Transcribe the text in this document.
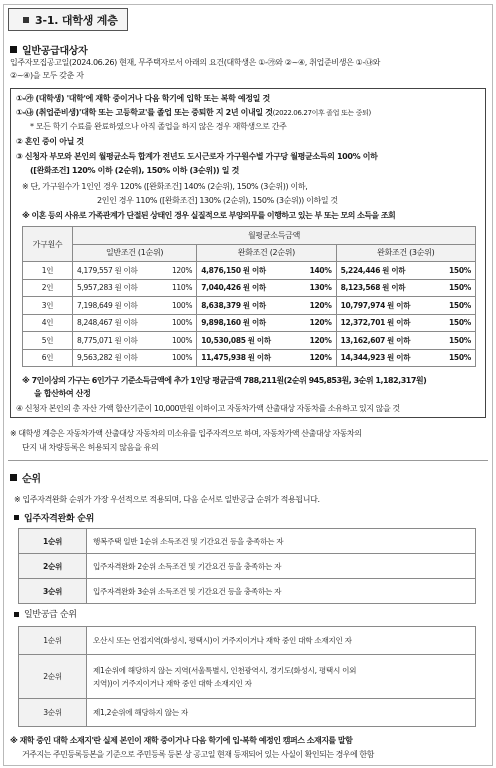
3-1. 대학생 계층
일반공급대상자
입주자모집공고일(2024.06.26) 현재, 무주택자로서 아래의 요건(대학생은 ①-㉮와 ②~④, 취업준비생은 ①-㉯와
②~④)을 모두 갖춘 자
①-㉮ (대학생) '대학'에 재학 중이거나 다음 학기에 입학 또는 복학 예정일 것
①-㉯ (취업준비생)'대학 또는 고등학교'를 졸업 또는 중퇴한 지 2년 이내일 것(2022.06.27이후 졸업 또는 중퇴)
* 모든 학기 수료를 완료하였으나 아직 졸업을 하지 않은 경우 재학생으로 간주
② 혼인 중이 아닐 것
③ 신청자 부모와 본인의 월평균소득 합계가 전년도 도시근로자 가구원수별 가구당 월평균소득의 100% 이하
([완화조건] 120% 이하 (2순위), 150% 이하 (3순위)) 일 것
※ 단, 가구원수가 1인인 경우 120% ([완화조건] 140% (2순위), 150% (3순위)) 이하,
2인인 경우 110% ([완화조건] 130% (2순위), 150% (3순위)) 이하일 것
※ 이혼 등의 사유로 가족관계가 단절된 상태인 경우 실질적으로 부양의무를 이행하고 있는 부 또는 모의 소득을 조회
가구원수	월평균소득금액					
	일반조건 (1순위)		완화조건 (2순위)		완화조건 (3순위)	
1인	4,179,557 원 이하	120%	4,876,150 원 이하	140%	5,224,446 원 이하	150%
2인	5,957,283 원 이하	110%	7,040,426 원 이하	130%	8,123,568 원 이하	150%
3인	7,198,649 원 이하	100%	8,638,379 원 이하	120%	10,797,974 원 이하	150%
4인	8,248,467 원 이하	100%	9,898,160 원 이하	120%	12,372,701 원 이하	150%
5인	8,775,071 원 이하	100%	10,530,085 원 이하	120%	13,162,607 원 이하	150%
6인	9,563,282 원 이하	100%	11,475,938 원 이하	120%	14,344,923 원 이하	150%
※ 7인이상의 가구는 6인가구 기준소득금액에 추가 1인당 평균금액 788,211원(2순위 945,853원, 3순위 1,182,317원)
을 합산하여 산정
④ 신청자 본인의 총 자산 가액 합산기준이 10,000만원 이하이고 자동차가액 산출대상 자동차를 소유하고 있지 않을 것
※ 대학생 계층은 자동차가액 산출대상 자동차의 미소유를 입주자격으로 하며, 자동차가액 산출대상 자동차의
단지 내 차량등록은 허용되지 않음을 유의
순위
※ 입주자격완화 순위가 가장 우선적으로 적용되며, 다음 순서로 일반공급 순위가 적용됩니다.
입주자격완화 순위
1순위	행복주택 일반 1순위 소득조건 및 기간요건 등을 충족하는 자
2순위	입주자격완화 2순위 소득조건 및 기간요건 등을 충족하는 자
3순위	입주자격완화 3순위 소득조건 및 기간요건 등을 충족하는 자
일반공급 순위
1순위	오산시 또는 연접지역(화성시, 평택시)이 거주지이거나 재학 중인 대학 소재지인 자
2순위	제1순위에 해당하지 않는 지역(서울특별시, 인천광역시, 경기도(화성시, 평택시 이외
지역))이 거주지이거나 재학 중인 대학 소재지인 자

3순위	제1,2순위에 해당하지 않는 자
※ 재학 중인 대학 소재지'란 실제 본인이 재학 중이거나 다음 학기에 입·복학 예정인 캠퍼스 소재지를 말함
거주지는 주민등록등본을 기준으로 주민등록 등본 상 공고일 현재 등재되어 있는 사실이 확인되는 경우에 한함
